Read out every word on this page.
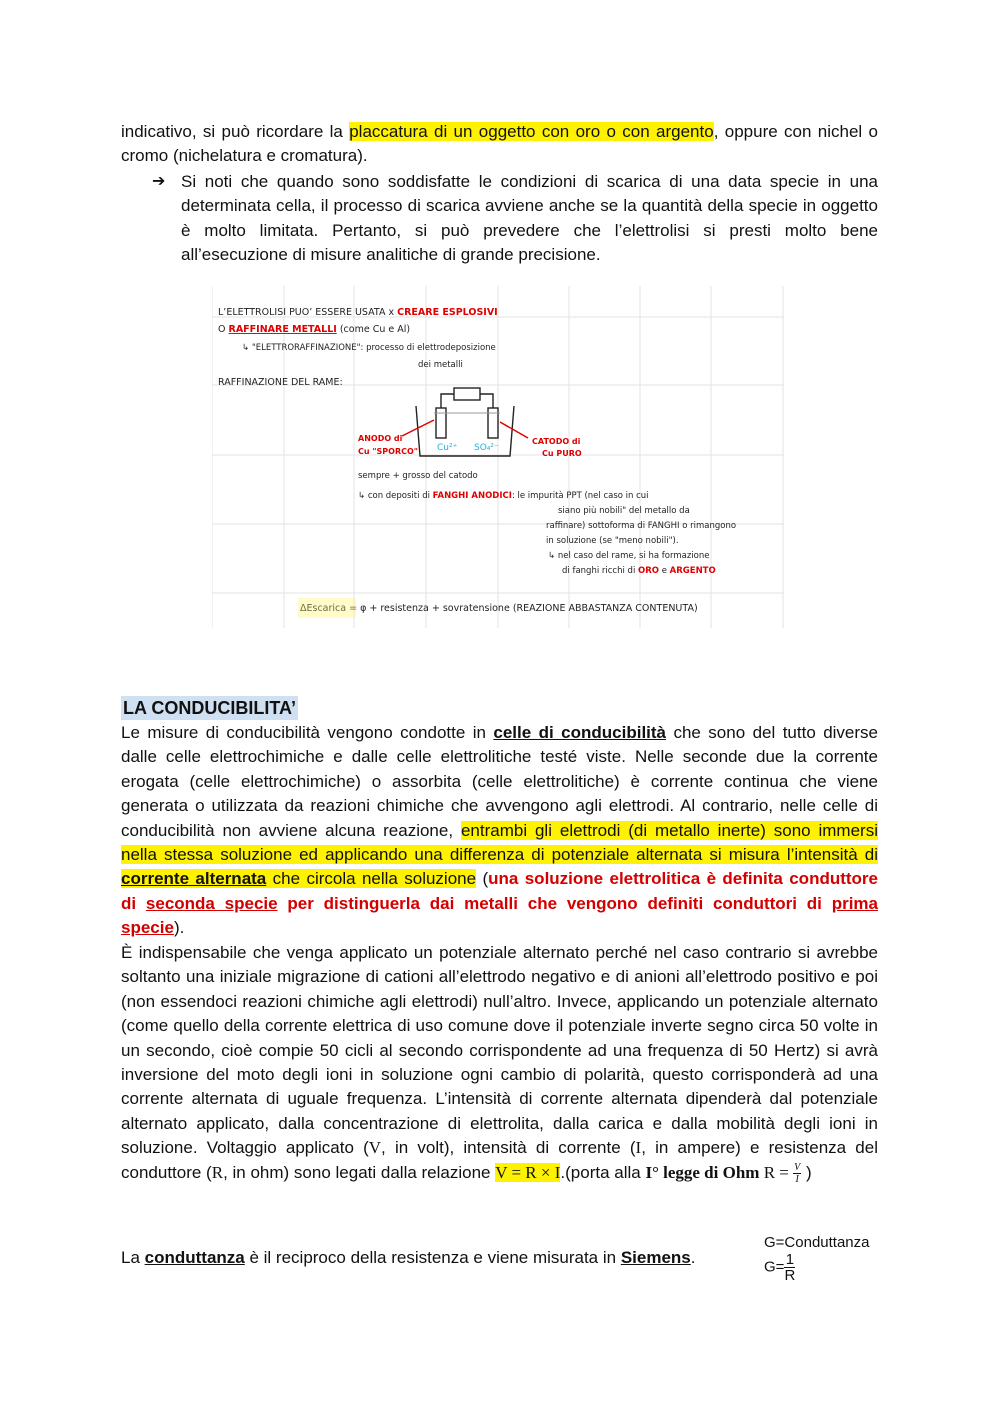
indicativo, si può ricordare la placcatura di un oggetto con oro o con argento, oppure con nichel o cromo (nichelatura e cromatura).

➔ Si noti che quando sono soddisfatte le condizioni di scarica di una data specie in una determinata cella, il processo di scarica avviene anche se la quantità della specie in oggetto è molto limitata. Pertanto, si può prevedere che l’elettrolisi si presti molto bene all’esecuzione di misure analitiche di grande precisione.
L’ELETTROLISI PUO’ ESSERE USATA x CREARE ESPLOSIVI
O RAFFINARE METALLI (come Cu e Al)
↳ "ELETTRORAFFINAZIONE": processo di elettrodeposizione
dei metalli
RAFFINAZIONE DEL RAME:
Cu²⁺ SO₄²⁻
ANODO di
Cu "SPORCO"
CATODO di
Cu PURO
sempre + grosso del catodo
↳ con depositi di FANGHI ANODICI: le impurità PPT (nel caso in cui
siano più nobili" del metallo da
raffinare) sottoforma di FANGHI o rimangono
in soluzione (se "meno nobili").
↳ nel caso del rame, si ha formazione
di fanghi ricchi di ORO e ARGENTO
ΔEscarica = φ + resistenza + sovratensione (REAZIONE ABBASTANZA CONTENUTA)
LA CONDUCIBILITA’

Le misure di conducibilità vengono condotte in celle di conducibilità che sono del tutto diverse dalle celle elettrochimiche e dalle celle elettrolitiche testé viste. Nelle seconde due la corrente erogata (celle elettrochimiche) o assorbita (celle elettrolitiche) è corrente continua che viene generata o utilizzata da reazioni chimiche che avvengono agli elettrodi. Al contrario, nelle celle di conducibilità non avviene alcuna reazione, entrambi gli elettrodi (di metallo inerte) sono immersi nella stessa soluzione ed applicando una differenza di potenziale alternata si misura l’intensità di corrente alternata che circola nella soluzione (una soluzione elettrolitica è definita conduttore di seconda specie per distinguerla dai metalli che vengono definiti conduttori di prima specie).

È indispensabile che venga applicato un potenziale alternato perché nel caso contrario si avrebbe soltanto una iniziale migrazione di cationi all’elettrodo negativo e di anioni all’elettrodo positivo e poi (non essendoci reazioni chimiche agli elettrodi) null’altro. Invece, applicando un potenziale alternato (come quello della corrente elettrica di uso comune dove il potenziale inverte segno circa 50 volte in un secondo, cioè compie 50 cicli al secondo corrispondente ad una frequenza di 50 Hertz) si avrà inversione del moto degli ioni in soluzione ogni cambio di polarità, questo corrisponderà ad una corrente alternata di uguale frequenza. L’intensità di corrente alternata dipenderà dal potenziale alternato applicato, dalla concentrazione di elettrolita, dalla carica e dalla mobilità degli ioni in soluzione. Voltaggio applicato (V, in volt), intensità di corrente (I, in ampere) e resistenza del conduttore (R, in ohm) sono legati dalla relazione V = R × I.(porta alla I° legge di Ohm $R = \frac{V}{I}$ )

La conduttanza è il reciproco della resistenza e viene misurata in Siemens.

G=Conduttanza
$G= \frac{1}{R}$
